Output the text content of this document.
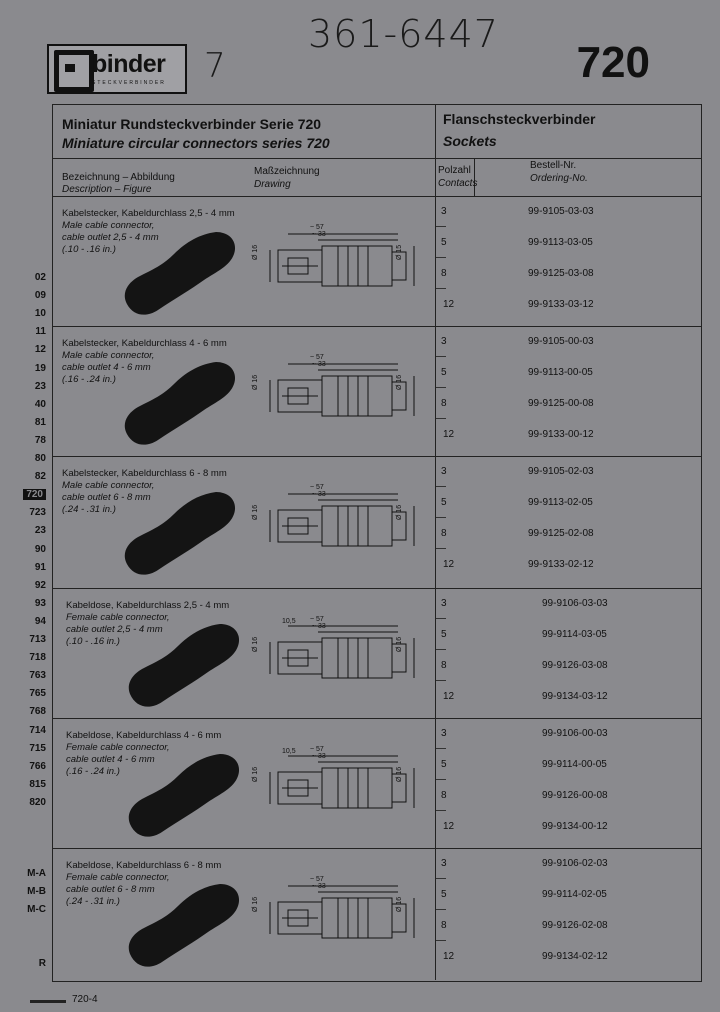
361-6447
7
binder
STECKVERBINDER	720
Miniatur Rundsteckverbinder Serie 720
Miniature circular connectors series 720
Flanschsteckverbinder
Sockets
Bezeichnung – Abbildung
Description – Figure
Maßzeichnung
Drawing
Polzahl
Contacts
Bestell-Nr.
Ordering-No.
Kabelstecker, Kabeldurchlass 2,5 - 4 mm
Male cable connector,
cable outlet 2,5 - 4 mm
(.10 - .16 in.)
~ 57
~ 33
Ø 16	Ø 15
3	99-9105-03-03
5	99-9113-03-05
8	99-9125-03-08
12	99-9133-03-12
Kabelstecker, Kabeldurchlass 4 - 6 mm
Male cable connector,
cable outlet 4 - 6 mm
(.16 - .24 in.)
~ 57
~ 33
Ø 16	Ø 16
3	99-9105-00-03
5	99-9113-00-05
8	99-9125-00-08
12	99-9133-00-12
Kabelstecker, Kabeldurchlass 6 - 8 mm
Male cable connector,
cable outlet 6 - 8 mm
(.24 - .31 in.)
~ 57
~ 33
Ø 16	Ø 16
3	99-9105-02-03
5	99-9113-02-05
8	99-9125-02-08
12	99-9133-02-12
Kabeldose, Kabeldurchlass 2,5 - 4 mm
Female cable connector,
cable outlet 2,5 - 4 mm
(.10 - .16 in.)
~ 57
~ 33
Ø 16	Ø 16
10,5
3	99-9106-03-03
5	99-9114-03-05
8	99-9126-03-08
12	99-9134-03-12
Kabeldose, Kabeldurchlass 4 - 6 mm
Female cable connector,
cable outlet 4 - 6 mm
(.16 - .24 in.)
~ 57
~ 33
Ø 16	Ø 16
10,5
3	99-9106-00-03
5	99-9114-00-05
8	99-9126-00-08
12	99-9134-00-12
Kabeldose, Kabeldurchlass 6 - 8 mm
Female cable connector,
cable outlet 6 - 8 mm
(.24 - .31 in.)
~ 57
~ 33
Ø 16	Ø 16
3	99-9106-02-03
5	99-9114-02-05
8	99-9126-02-08
12	99-9134-02-12
02
09
10
11
12
19
23
40
81
78
80
82
720
723
23
90
91
92
93
94
713
718
763
765
768
714
715
766
815
820
M-A
M-B
M-C
R
720-4
